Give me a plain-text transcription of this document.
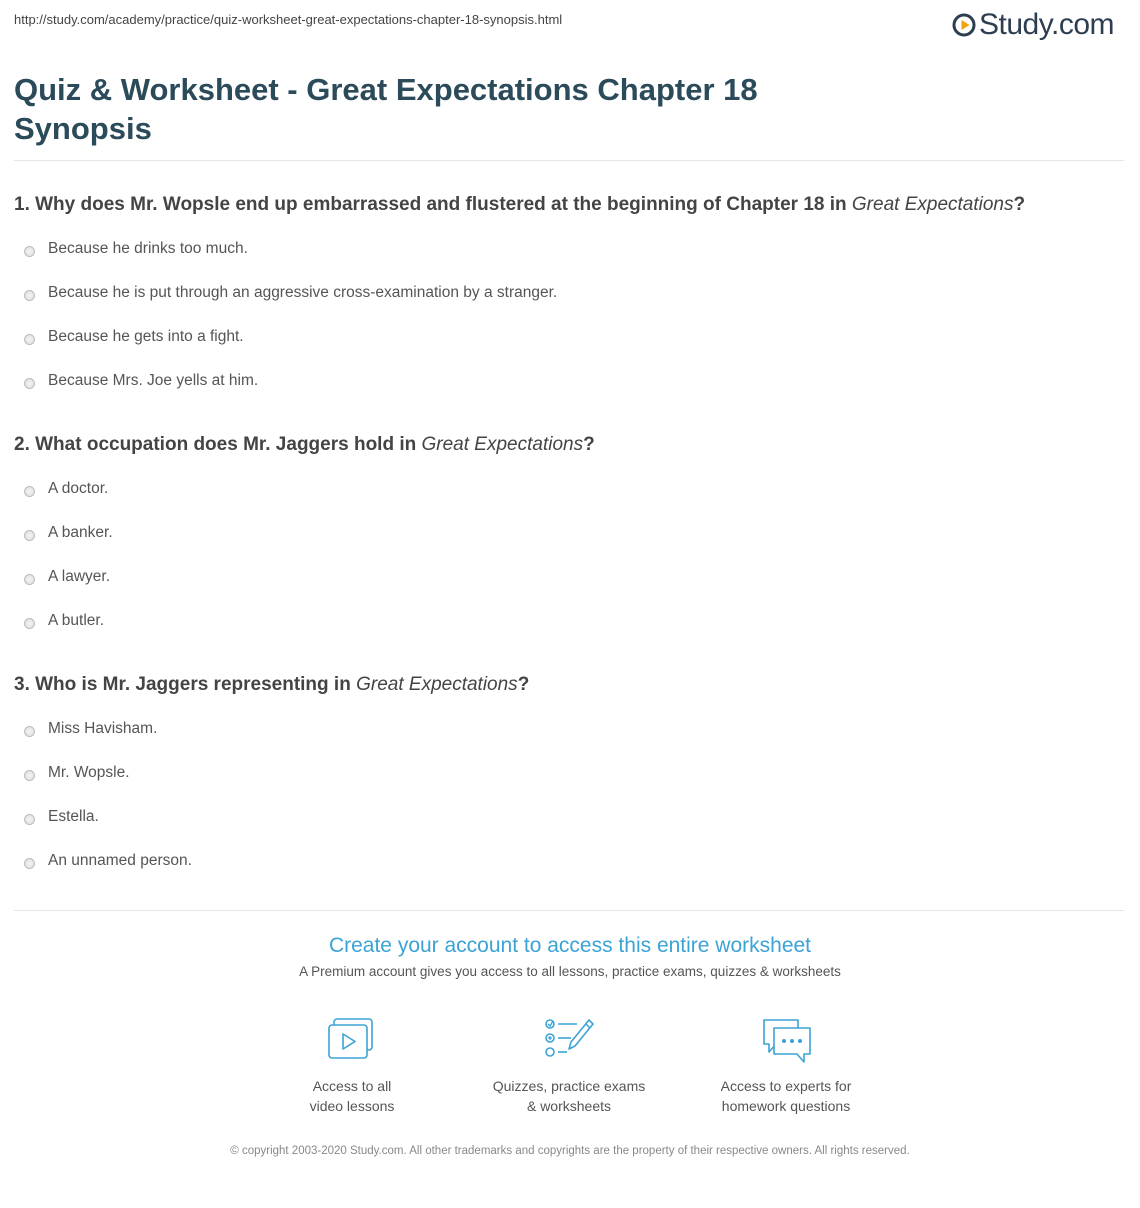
http://study.com/academy/practice/quiz-worksheet-great-expectations-chapter-18-synopsis.html	Study.com
Quiz & Worksheet - Great Expectations Chapter 18 Synopsis

1. Why does Mr. Wopsle end up embarrassed and flustered at the beginning of Chapter 18 in Great Expectations?

Because he drinks too much.
Because he is put through an aggressive cross-examination by a stranger.
Because he gets into a fight.
Because Mrs. Joe yells at him.

2. What occupation does Mr. Jaggers hold in Great Expectations?

A doctor.
A banker.
A lawyer.
A butler.

3. Who is Mr. Jaggers representing in Great Expectations?

Miss Havisham.
Mr. Wopsle.
Estella.
An unnamed person.
Create your account to access this entire worksheet
A Premium account gives you access to all lessons, practice exams, quizzes & worksheets
Access to all
video lessons
Quizzes, practice exams
& worksheets
Access to experts for
homework questions
© copyright 2003-2020 Study.com. All other trademarks and copyrights are the property of their respective owners. All rights reserved.
